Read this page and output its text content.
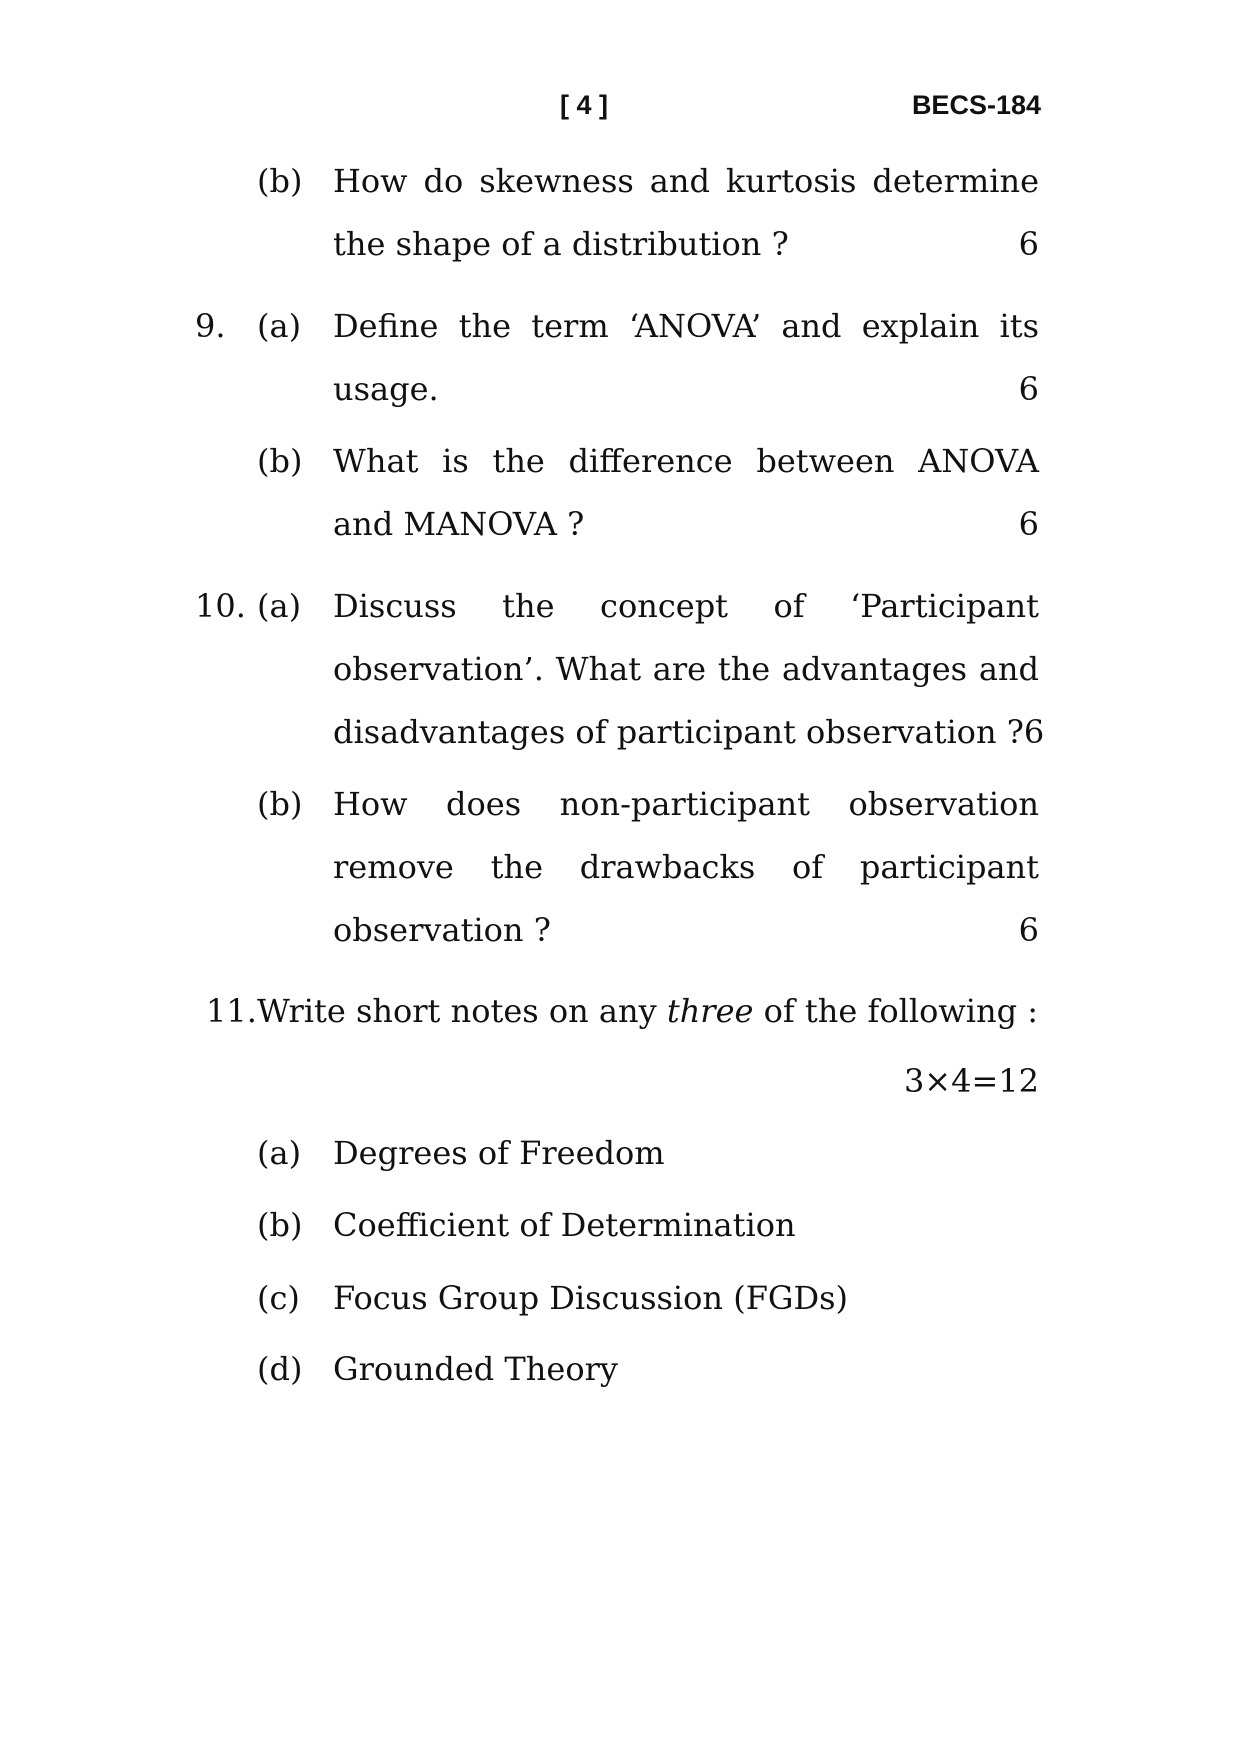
[ 4 ]	BECS-184
(b) How do skewness and kurtosis determine
the shape of a distribution ?	6
9. (a) Define the term ‘ANOVA’ and explain its
usage.	6
(b) What is the difference between ANOVA
and MANOVA ?	6
10. (a) Discuss the concept of ‘Participant
observation’. What are the advantages and
disadvantages of participant observation ?6
(b) How does non-participant observation
remove the drawbacks of participant
observation ?	6
11. Write short notes on any three of the following :
3×4=12
(a) Degrees of Freedom
(b) Coefficient of Determination
(c) Focus Group Discussion (FGDs)
(d) Grounded Theory
